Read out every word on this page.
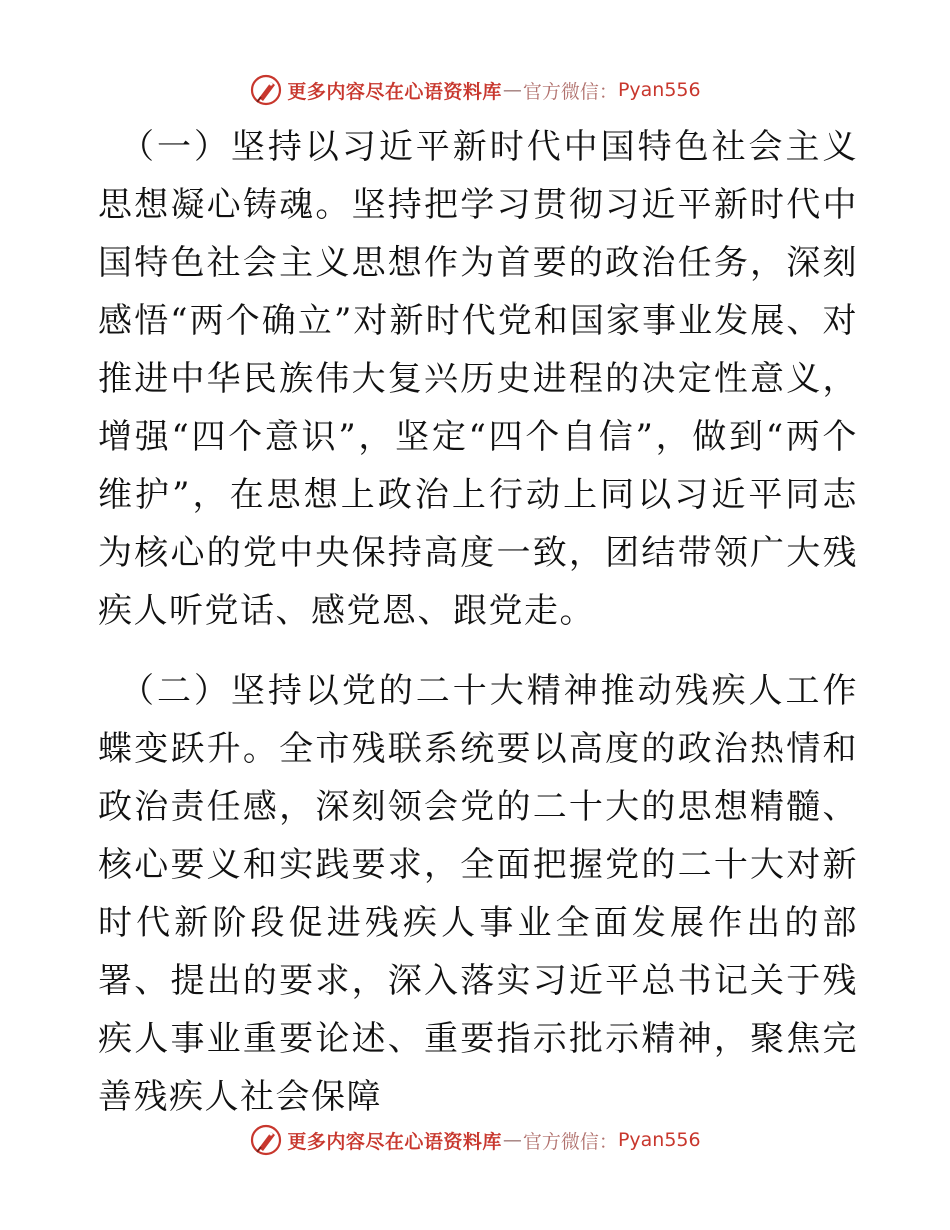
更多内容尽在心语资料库 — 官方微信： Pyan556

（一）坚持以习近平新时代中国特色社会主义思想凝心铸魂。坚持把学习贯彻习近平新时代中国特色社会主义思想作为首要的政治任务，深刻感悟“两个确立”对新时代党和国家事业发展、对推进中华民族伟大复兴历史进程的决定性意义，增强“四个意识”，坚定“四个自信”，做到“两个维护”，在思想上政治上行动上同以习近平同志为核心的党中央保持高度一致，团结带领广大残疾人听党话、感党恩、跟党走。

（二）坚持以党的二十大精神推动残疾人工作蝶变跃升。全市残联系统要以高度的政治热情和政治责任感，深刻领会党的二十大的思想精髓、核心要义和实践要求，全面把握党的二十大对新时代新阶段促进残疾人事业全面发展作出的部署、提出的要求，深入落实习近平总书记关于残疾人事业重要论述、重要指示批示精神，聚焦完善残疾人社会保障

更多内容尽在心语资料库 — 官方微信： Pyan556
